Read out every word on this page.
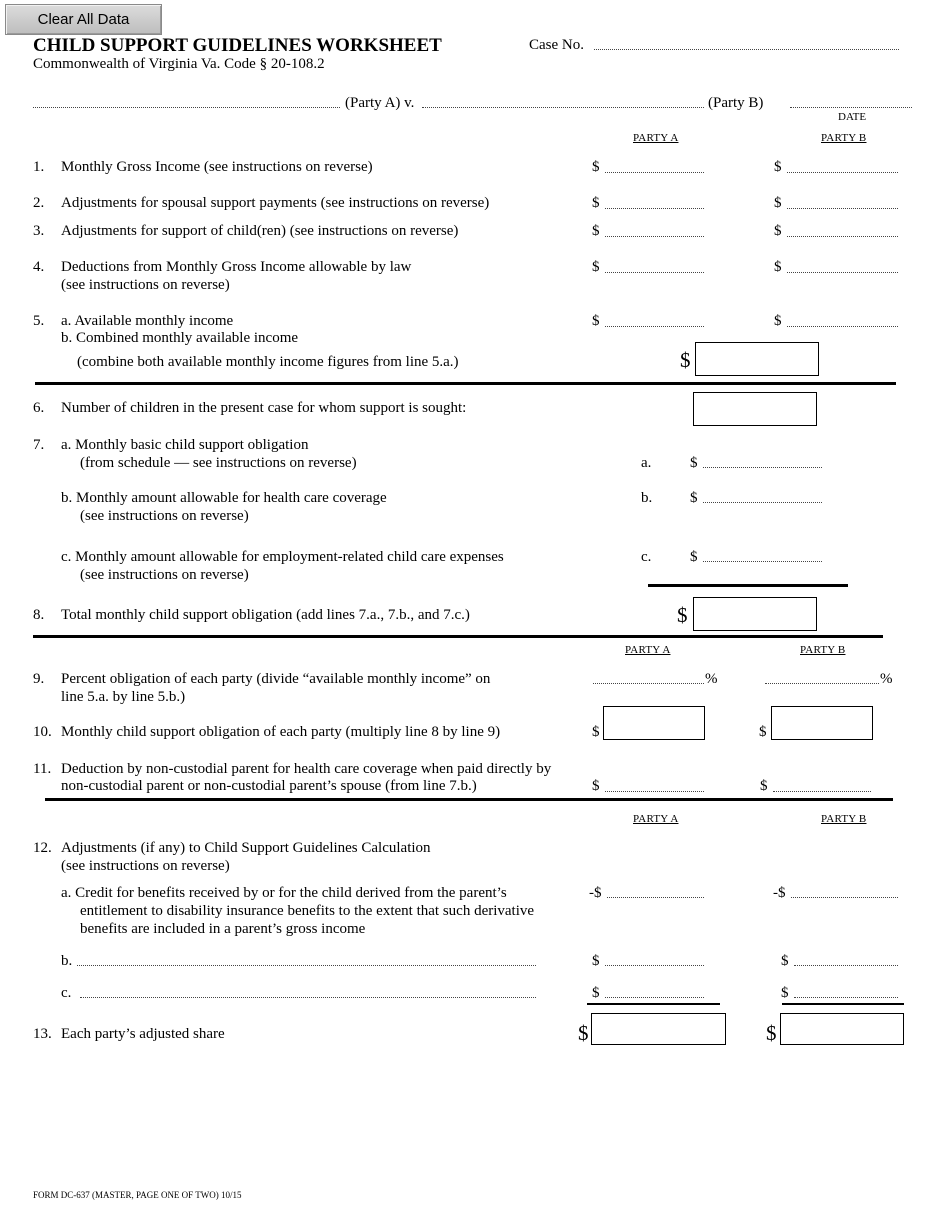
Clear All Data
CHILD SUPPORT GUIDELINES WORKSHEET
Commonwealth of Virginia Va. Code § 20-108.2
Case No.
(Party A) v.	(Party B)
DATE
PARTY A	PARTY B
1. Monthly Gross Income (see instructions on reverse)	$	$
2. Adjustments for spousal support payments (see instructions on reverse)	$	$
3. Adjustments for support of child(ren) (see instructions on reverse)	$	$
4. Deductions from Monthly Gross Income allowable by law
(see instructions on reverse)
$	$
5. a. Available monthly income
b. Combined monthly available income
(combine both available monthly income figures from line 5.a.)
$	$
$
6. Number of children in the present case for whom support is sought:
7. a. Monthly basic child support obligation
(from schedule — see instructions on reverse)	a.	$
b. Monthly amount allowable for health care coverage
(see instructions on reverse)
b.	$
c. Monthly amount allowable for employment-related child care expenses
(see instructions on reverse)
c.	$
8. Total monthly child support obligation (add lines 7.a., 7.b., and 7.c.)	$
PARTY A	PARTY B
9. Percent obligation of each party (divide “available monthly income” on
line 5.a. by line 5.b.)
%	%
10. Monthly child support obligation of each party (multiply line 8 by line 9)	$	$
11. Deduction by non-custodial parent for health care coverage when paid directly by
non-custodial parent or non-custodial parent’s spouse (from line 7.b.)	$	$
PARTY A	PARTY B
12. Adjustments (if any) to Child Support Guidelines Calculation
(see instructions on reverse)
a. Credit for benefits received by or for the child derived from the parent’s
entitlement to disability insurance benefits to the extent that such derivative
benefits are included in a parent’s gross income
-$	-$
b.	$	$
c.	$	$
13. Each party’s adjusted share	$	$
FORM DC-637 (MASTER, PAGE ONE OF TWO) 10/15
